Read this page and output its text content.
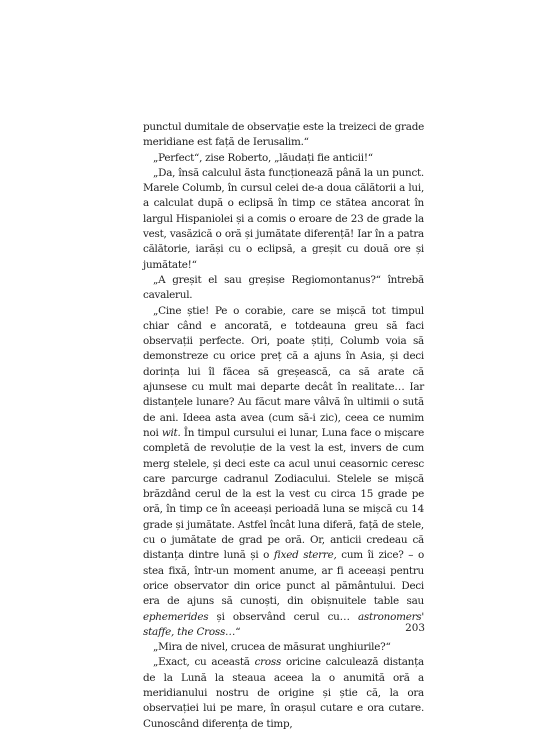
punctul dumitale de observație este la treizeci de grade meridiane est față de Ierusalim.“

„Perfect“, zise Roberto, „lăudați fie anticii!“

„Da, însă calculul ăsta funcționează până la un punct. Marele Columb, în cursul celei de-a doua călătorii a lui, a calculat după o eclipsă în timp ce stătea ancorat în largul Hispaniolei și a comis o eroare de 23 de grade la vest, vasăzică o oră și jumătate diferență! Iar în a patra călătorie, iarăși cu o eclipsă, a greșit cu două ore și jumătate!“

„A greșit el sau greșise Regiomontanus?“ întrebă cavalerul.

„Cine știe! Pe o corabie, care se mișcă tot timpul chiar când e ancorată, e totdeauna greu să faci observații perfecte. Ori, poate știți, Columb voia să demonstreze cu orice preț că a ajuns în Asia, și deci dorința lui îl făcea să greșească, ca să arate că ajunsese cu mult mai departe decât în realitate… Iar distanțele lunare? Au făcut mare vâlvă în ultimii o sută de ani. Ideea asta avea (cum să-i zic), ceea ce numim noi wit. În timpul cursului ei lunar, Luna face o mișcare completă de revoluție de la vest la est, invers de cum merg stelele, și deci este ca acul unui ceasornic ceresc care parcurge cadranul Zodiacului. Stelele se mișcă brăzdând cerul de la est la vest cu circa 15 grade pe oră, în timp ce în aceeași perioadă luna se mișcă cu 14 grade și jumătate. Astfel încât luna diferă, față de stele, cu o jumătate de grad pe oră. Or, anticii credeau că distanța dintre lună și o fixed sterre, cum îi zice? – o stea fixă, într-un moment anume, ar fi aceeași pentru orice observator din orice punct al pământului. Deci era de ajuns să cunoști, din obișnuitele table sau ephemerides și observând cerul cu… astronomers' staffe, the Cross…“

„Mira de nivel, crucea de măsurat unghiurile?“

„Exact, cu această cross oricine calculează distanța de la Lună la steaua aceea la o anumită oră a meridianului nostru de origine și știe că, la ora observației lui pe mare, în orașul cutare e ora cutare. Cunoscând diferența de timp,

203
